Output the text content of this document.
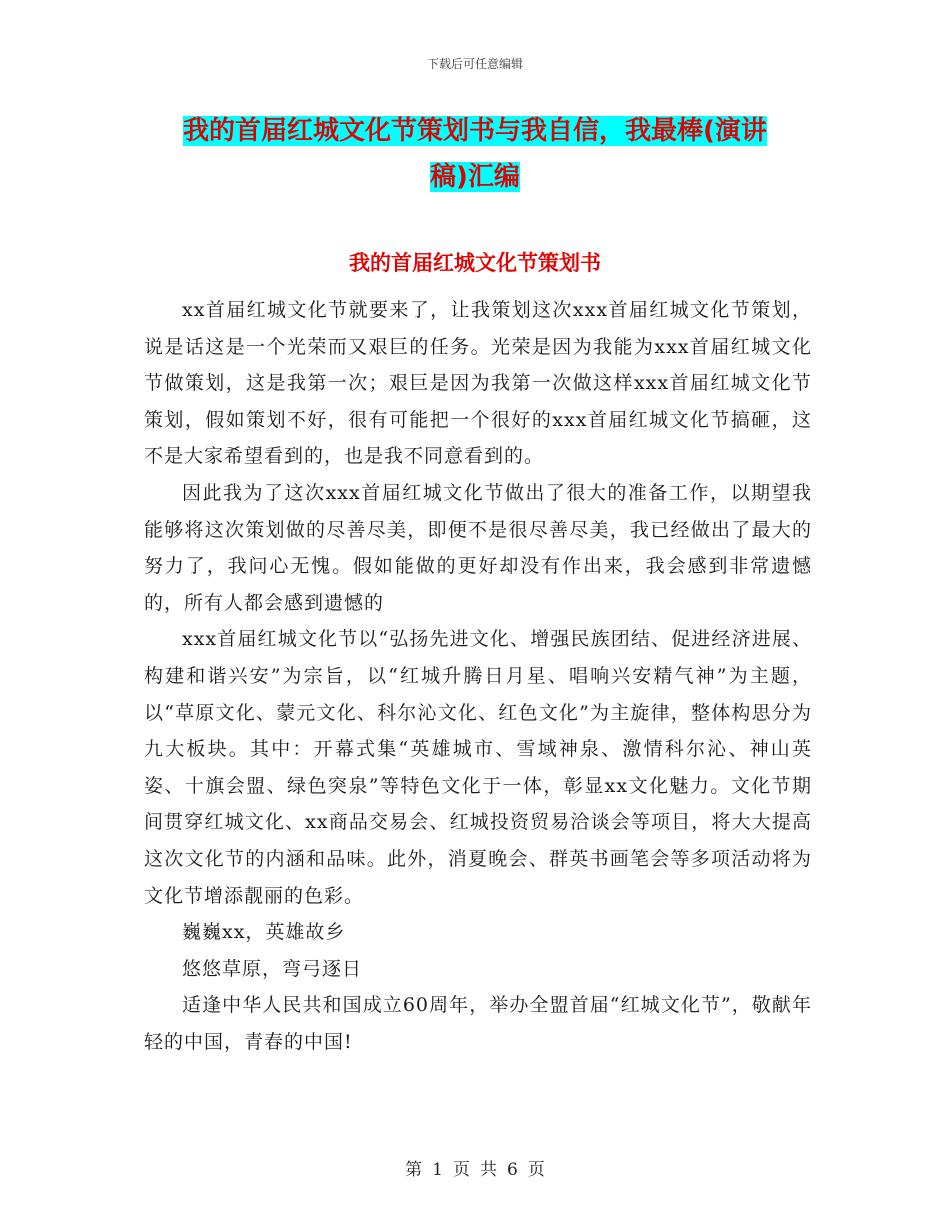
下载后可任意编辑
我的首届红城文化节策划书与我自信，我最棒(演讲
稿)汇编
我的首届红城文化节策划书

xx首届红城文化节就要来了，让我策划这次xxx首届红城文化节策划，说是话这是一个光荣而又艰巨的任务。光荣是因为我能为xxx首届红城文化节做策划，这是我第一次；艰巨是因为我第一次做这样xxx首届红城文化节策划，假如策划不好，很有可能把一个很好的xxx首届红城文化节搞砸，这不是大家希望看到的，也是我不同意看到的。

因此我为了这次xxx首届红城文化节做出了很大的准备工作，以期望我能够将这次策划做的尽善尽美，即便不是很尽善尽美，我已经做出了最大的努力了，我问心无愧。假如能做的更好却没有作出来，我会感到非常遗憾的，所有人都会感到遗憾的

xxx首届红城文化节以“弘扬先进文化、增强民族团结、促进经济进展、构建和谐兴安”为宗旨，以“红城升腾日月星、唱响兴安精气神”为主题，以“草原文化、蒙元文化、科尔沁文化、红色文化”为主旋律，整体构思分为九大板块。其中：开幕式集“英雄城市、雪域神泉、激情科尔沁、神山英姿、十旗会盟、绿色突泉”等特色文化于一体，彰显xx文化魅力。文化节期间贯穿红城文化、xx商品交易会、红城投资贸易洽谈会等项目，将大大提高这次文化节的内涵和品味。此外，消夏晚会、群英书画笔会等多项活动将为文化节增添靓丽的色彩。

巍巍xx，英雄故乡

悠悠草原，弯弓逐日

适逢中华人民共和国成立60周年，举办全盟首届“红城文化节”，敬献年轻的中国，青春的中国!

第 1 页 共 6 页
